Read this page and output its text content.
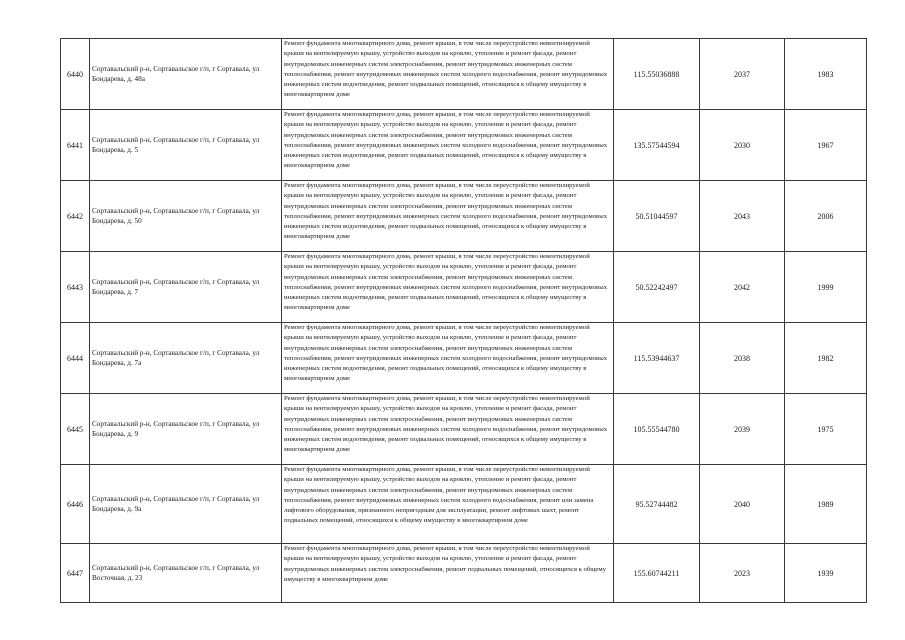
6440	Сортавальский р-н, Сортавальское г/п, г Сортавала, ул Бондарева, д. 48а	Ремонт фундамента многоквартирного дома, ремонт крыши, в том числе переустройство невентилируемой крыши на вентилируемую крышу, устройство выходов на кровлю, утепление и ремонт фасада, ремонт внутридомовых инженерных систем электроснабжения, ремонт внутридомовых инженерных систем теплоснабжения, ремонт внутридомовых инженерных систем холодного водоснабжения, ремонт внутридомовых инженерных систем водоотведения, ремонт подвальных помещений, относящихся к общему имуществу в многоквартирном доме	115.55036888	2037	1983
6441	Сортавальский р-н, Сортавальское г/п, г Сортавала, ул Бондарева, д. 5	Ремонт фундамента многоквартирного дома, ремонт крыши, в том числе переустройство невентилируемой крыши на вентилируемую крышу, устройство выходов на кровлю, утепление и ремонт фасада, ремонт внутридомовых инженерных систем электроснабжения, ремонт внутридомовых инженерных систем теплоснабжения, ремонт внутридомовых инженерных систем холодного водоснабжения, ремонт внутридомовых инженерных систем водоотведения, ремонт подвальных помещений, относящихся к общему имуществу в многоквартирном доме	135.57544594	2030	1967
6442	Сортавальский р-н, Сортавальское г/п, г Сортавала, ул Бондарева, д. 50	Ремонт фундамента многоквартирного дома, ремонт крыши, в том числе переустройство невентилируемой крыши на вентилируемую крышу, устройство выходов на кровлю, утепление и ремонт фасада, ремонт внутридомовых инженерных систем электроснабжения, ремонт внутридомовых инженерных систем теплоснабжения, ремонт внутридомовых инженерных систем холодного водоснабжения, ремонт внутридомовых инженерных систем водоотведения, ремонт подвальных помещений, относящихся к общему имуществу в многоквартирном доме	50.51044597	2043	2006
6443	Сортавальский р-н, Сортавальское г/п, г Сортавала, ул Бондарева, д. 7	Ремонт фундамента многоквартирного дома, ремонт крыши, в том числе переустройство невентилируемой крыши на вентилируемую крышу, устройство выходов на кровлю, утепление и ремонт фасада, ремонт внутридомовых инженерных систем электроснабжения, ремонт внутридомовых инженерных систем теплоснабжения, ремонт внутридомовых инженерных систем холодного водоснабжения, ремонт внутридомовых инженерных систем водоотведения, ремонт подвальных помещений, относящихся к общему имуществу в многоквартирном доме	50.52242497	2042	1999
6444	Сортавальский р-н, Сортавальское г/п, г Сортавала, ул Бондарева, д. 7а	Ремонт фундамента многоквартирного дома, ремонт крыши, в том числе переустройство невентилируемой крыши на вентилируемую крышу, устройство выходов на кровлю, утепление и ремонт фасада, ремонт внутридомовых инженерных систем электроснабжения, ремонт внутридомовых инженерных систем теплоснабжения, ремонт внутридомовых инженерных систем холодного водоснабжения, ремонт внутридомовых инженерных систем водоотведения, ремонт подвальных помещений, относящихся к общему имуществу в многоквартирном доме	115.53944637	2038	1982
6445	Сортавальский р-н, Сортавальское г/п, г Сортавала, ул Бондарева, д. 9	Ремонт фундамента многоквартирного дома, ремонт крыши, в том числе переустройство невентилируемой крыши на вентилируемую крышу, устройство выходов на кровлю, утепление и ремонт фасада, ремонт внутридомовых инженерных систем электроснабжения, ремонт внутридомовых инженерных систем теплоснабжения, ремонт внутридомовых инженерных систем холодного водоснабжения, ремонт внутридомовых инженерных систем водоотведения, ремонт подвальных помещений, относящихся к общему имуществу в многоквартирном доме	105.55544780	2039	1975
6446	Сортавальский р-н, Сортавальское г/п, г Сортавала, ул Бондарева, д. 9а	Ремонт фундамента многоквартирного дома, ремонт крыши, в том числе переустройство невентилируемой крыши на вентилируемую крышу, устройство выходов на кровлю, утепление и ремонт фасада, ремонт внутридомовых инженерных систем электроснабжения, ремонт внутридомовых инженерных систем теплоснабжения, ремонт внутридомовых инженерных систем холодного водоснабжения, ремонт или замена лифтового оборудования, признанного непригодным для эксплуатации, ремонт лифтовых шахт, ремонт подвальных помещений, относящихся к общему имуществу в многоквартирном доме	95.52744482	2040	1989
6447	Сортавальский р-н, Сортавальское г/п, г Сортавала, ул Восточная, д. 23	Ремонт фундамента многоквартирного дома, ремонт крыши, в том числе переустройство невентилируемой крыши на вентилируемую крышу, устройство выходов на кровлю, утепление и ремонт фасада, ремонт внутридомовых инженерных систем электроснабжения, ремонт подвальных помещений, относящихся к общему имуществу в многоквартирном доме	155.60744211	2023	1939
